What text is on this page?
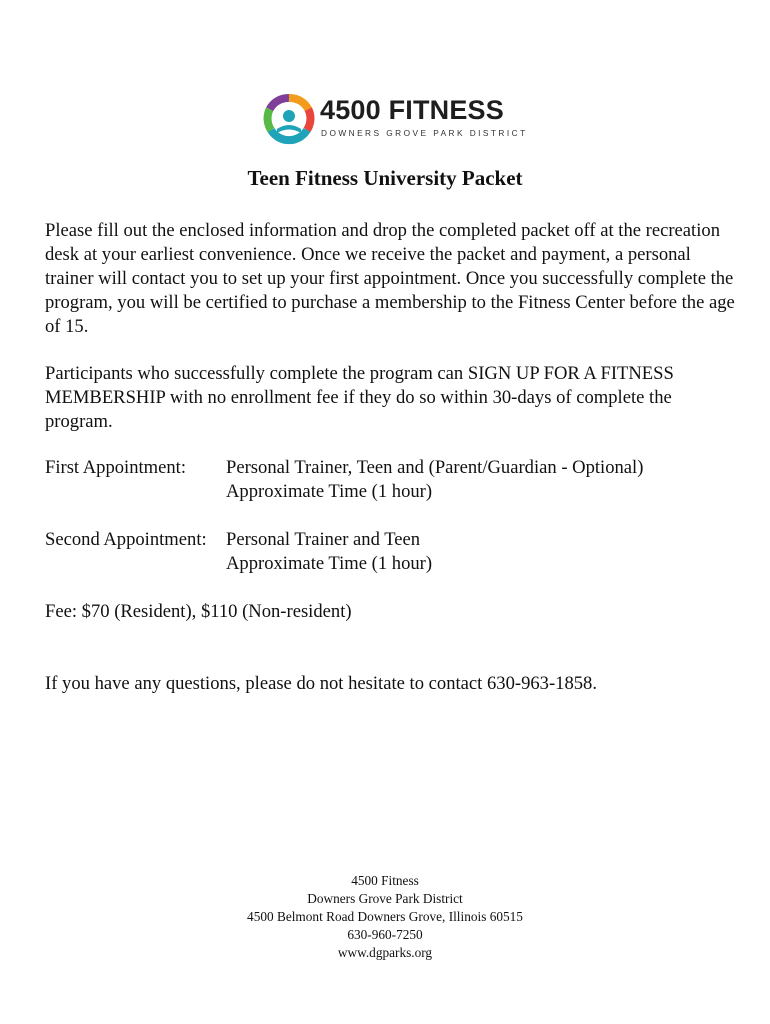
4500 FITNESS
DOWNERS GROVE PARK DISTRICT
Teen Fitness University Packet

Please fill out the enclosed information and drop the completed packet off at the recreation desk at your earliest convenience. Once we receive the packet and payment, a personal trainer will contact you to set up your first appointment. Once you successfully complete the program, you will be certified to purchase a membership to the Fitness Center before the age of 15.

Participants who successfully complete the program can SIGN UP FOR A FITNESS MEMBERSHIP with no enrollment fee if they do so within 30-days of complete the program.

First Appointment: Personal Trainer, Teen and (Parent/Guardian - Optional)
Approximate Time (1 hour)
Second Appointment: Personal Trainer and Teen
Approximate Time (1 hour)
Fee: $70 (Resident), $110 (Non-resident)
If you have any questions, please do not hesitate to contact 630-963-1858.
4500 Fitness
Downers Grove Park District
4500 Belmont Road Downers Grove, Illinois 60515
630-960-7250
www.dgparks.org
